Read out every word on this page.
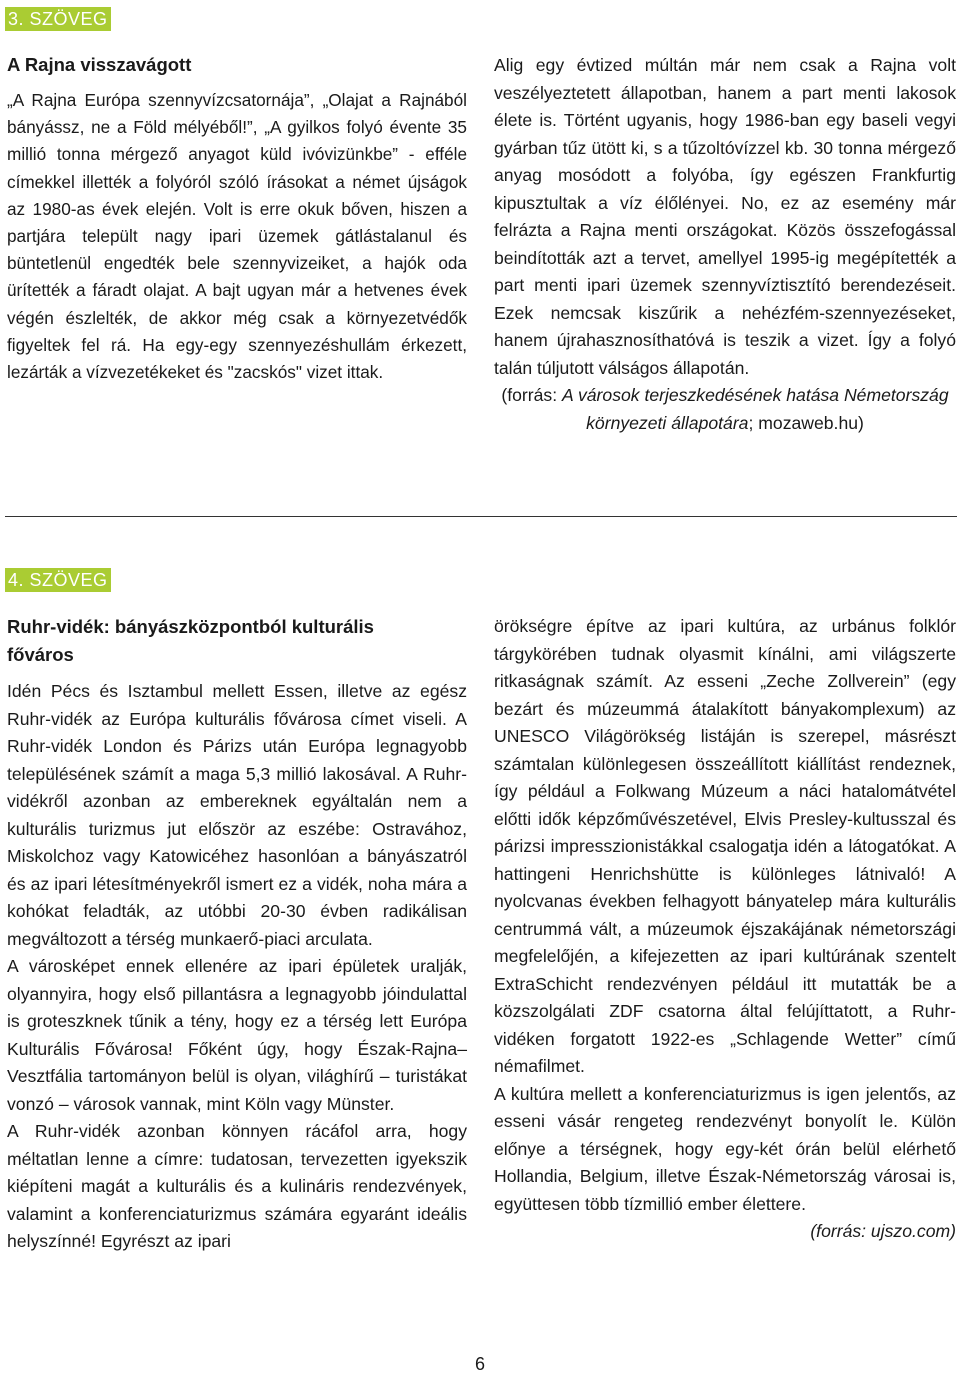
3. SZÖVEG

A Rajna visszavágott

„A Rajna Európa szennyvízcsatornája”, „Olajat a Rajnából bányássz, ne a Föld mélyéből!”, „A gyilkos folyó évente 35 millió tonna mérgező anyagot küld ivóvizünkbe” - efféle címekkel illették a folyóról szóló írásokat a német újságok az 1980-as évek elején. Volt is erre okuk bőven, hiszen a partjára települt nagy ipari üzemek gátlástalanul és büntetlenül engedték bele szennyvizeiket, a hajók oda ürítették a fáradt olajat. A bajt ugyan már a hetvenes évek végén észlelték, de akkor még csak a környezetvédők figyeltek fel rá. Ha egy-egy szennyezéshullám érkezett, lezárták a vízvezetékeket és "zacskós" vizet ittak.

Alig egy évtized múltán már nem csak a Rajna volt veszélyeztetett állapotban, hanem a part menti lakosok élete is. Történt ugyanis, hogy 1986-ban egy baseli vegyi gyárban tűz ütött ki, s a tűzoltóvízzel kb. 30 tonna mérgező anyag mosódott a folyóba, így egészen Frankfurtig kipusztultak a víz élőlényei. No, ez az esemény már felrázta a Rajna menti országokat. Közös összefogással beindították azt a tervet, amellyel 1995-ig megépítették a part menti ipari üzemek szennyvíztisztító berendezéseit. Ezek nemcsak kiszűrik a nehézfém-szennyezéseket, hanem újrahasznosíthatóvá is teszik a vizet. Így a folyó talán túljutott válságos állapotán.

(forrás: A városok terjeszkedésének hatása Németország környezeti állapotára; mozaweb.hu)

4. SZÖVEG

Ruhr-vidék: bányászközpontból kulturális főváros

Idén Pécs és Isztambul mellett Essen, illetve az egész Ruhr-vidék az Európa kulturális fővárosa címet viseli. A Ruhr-vidék London és Párizs után Európa legnagyobb településének számít a maga 5,3 millió lakosával. A Ruhr-vidékről azonban az embereknek egyáltalán nem a kulturális turizmus jut először az eszébe: Ostravához, Miskolchoz vagy Katowicéhez hasonlóan a bányászatról és az ipari létesítményekről ismert ez a vidék, noha mára a kohókat feladták, az utóbbi 20-30 évben radikálisan megváltozott a térség munkaerő-piaci arculata.

A városképet ennek ellenére az ipari épületek uralják, olyannyira, hogy első pillantásra a legnagyobb jóindulattal is groteszknek tűnik a tény, hogy ez a térség lett Európa Kulturális Fővárosa! Főként úgy, hogy Észak-Rajna–Vesztfália tartományon belül is olyan, világhírű – turistákat vonzó – városok vannak, mint Köln vagy Münster.

A Ruhr-vidék azonban könnyen rácáfol arra, hogy méltatlan lenne a címre: tudatosan, tervezetten igyekszik kiépíteni magát a kulturális és a kulináris rendezvények, valamint a konferenciaturizmus számára egyaránt ideális helyszínné! Egyrészt az ipari

örökségre építve az ipari kultúra, az urbánus folklór tárgykörében tudnak olyasmit kínálni, ami világszerte ritkaságnak számít. Az esseni „Zeche Zollverein” (egy bezárt és múzeummá átalakított bányakomplexum) az UNESCO Világörökség listáján is szerepel, másrészt számtalan különlegesen összeállított kiállítást rendeznek, így például a Folkwang Múzeum a náci hatalomátvétel előtti idők képzőművészetével, Elvis Presley-kultusszal és párizsi impresszionistákkal csalogatja idén a látogatókat. A hattingeni Henrichshütte is különleges látnivaló! A nyolcvanas években felhagyott bányatelep mára kulturális centrummá vált, a múzeumok éjszakájának németországi megfelelőjén, a kifejezetten az ipari kultúrának szentelt ExtraSchicht rendezvényen például itt mutatták be a közszolgálati ZDF csatorna által felújíttatott, a Ruhr-vidéken forgatott 1922-es „Schlagende Wetter” című némafilmet.

A kultúra mellett a konferenciaturizmus is igen jelentős, az esseni vásár rengeteg rendezvényt bonyolít le. Külön előnye a térségnek, hogy egy-két órán belül elérhető Hollandia, Belgium, illetve Észak-Németország városai is, együttesen több tízmillió ember élettere.

(forrás: ujszo.com)

6
